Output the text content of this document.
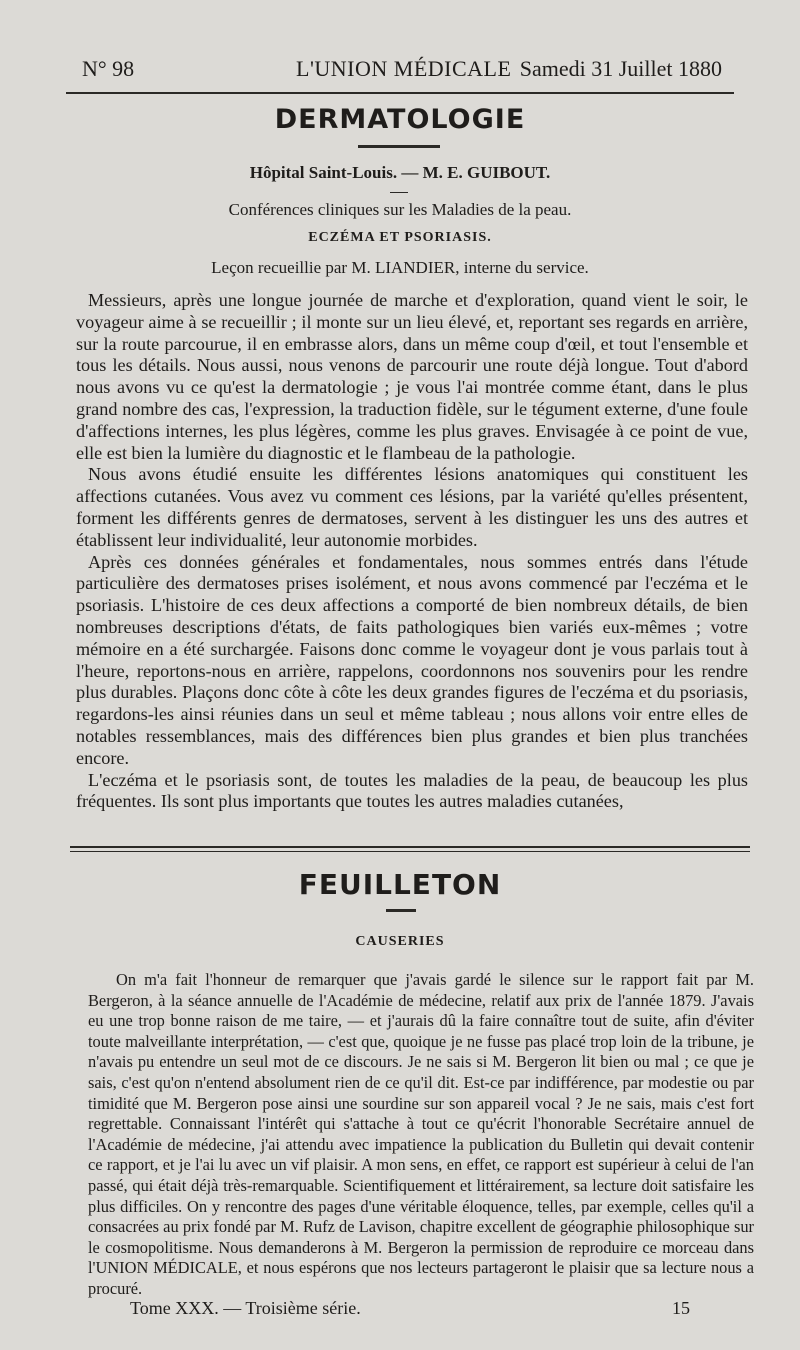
N° 98	L'UNION MÉDICALE Samedi 31 Juillet 1880
DERMATOLOGIE
Hôpital Saint-Louis. — M. E. GUIBOUT.
Conférences cliniques sur les Maladies de la peau.
ECZÉMA ET PSORIASIS.
Leçon recueillie par M. LIANDIER, interne du service.

Messieurs, après une longue journée de marche et d'exploration, quand vient le soir, le voyageur aime à se recueillir ; il monte sur un lieu élevé, et, reportant ses regards en arrière, sur la route parcourue, il en embrasse alors, dans un même coup d'œil, et tout l'ensemble et tous les détails. Nous aussi, nous venons de parcourir une route déjà longue. Tout d'abord nous avons vu ce qu'est la dermatologie ; je vous l'ai montrée comme étant, dans le plus grand nombre des cas, l'expression, la traduction fidèle, sur le tégument externe, d'une foule d'affections internes, les plus légères, comme les plus graves. Envisagée à ce point de vue, elle est bien la lumière du diagnostic et le flambeau de la pathologie.

Nous avons étudié ensuite les différentes lésions anatomiques qui constituent les affections cutanées. Vous avez vu comment ces lésions, par la variété qu'elles présentent, forment les différents genres de dermatoses, servent à les distinguer les uns des autres et établissent leur individualité, leur autonomie morbides.

Après ces données générales et fondamentales, nous sommes entrés dans l'étude particulière des dermatoses prises isolément, et nous avons commencé par l'eczéma et le psoriasis. L'histoire de ces deux affections a comporté de bien nombreux détails, de bien nombreuses descriptions d'états, de faits pathologiques bien variés eux-mêmes ; votre mémoire en a été surchargée. Faisons donc comme le voyageur dont je vous parlais tout à l'heure, reportons-nous en arrière, rappelons, coordonnons nos souvenirs pour les rendre plus durables. Plaçons donc côte à côte les deux grandes figures de l'eczéma et du psoriasis, regardons-les ainsi réunies dans un seul et même tableau ; nous allons voir entre elles de notables ressemblances, mais des différences bien plus grandes et bien plus tranchées encore.

L'eczéma et le psoriasis sont, de toutes les maladies de la peau, de beaucoup les plus fréquentes. Ils sont plus importants que toutes les autres maladies cutanées,

FEUILLETON
CAUSERIES

On m'a fait l'honneur de remarquer que j'avais gardé le silence sur le rapport fait par M. Bergeron, à la séance annuelle de l'Académie de médecine, relatif aux prix de l'année 1879. J'avais eu une trop bonne raison de me taire, — et j'aurais dû la faire connaître tout de suite, afin d'éviter toute malveillante interprétation, — c'est que, quoique je ne fusse pas placé trop loin de la tribune, je n'avais pu entendre un seul mot de ce discours. Je ne sais si M. Bergeron lit bien ou mal ; ce que je sais, c'est qu'on n'entend absolument rien de ce qu'il dit. Est-ce par indifférence, par modestie ou par timidité que M. Bergeron pose ainsi une sourdine sur son appareil vocal ? Je ne sais, mais c'est fort regrettable. Connaissant l'intérêt qui s'attache à tout ce qu'écrit l'honorable Secrétaire annuel de l'Académie de médecine, j'ai attendu avec impatience la publication du Bulletin qui devait contenir ce rapport, et je l'ai lu avec un vif plaisir. A mon sens, en effet, ce rapport est supérieur à celui de l'an passé, qui était déjà très-remarquable. Scientifiquement et littérairement, sa lecture doit satisfaire les plus difficiles. On y rencontre des pages d'une véritable éloquence, telles, par exemple, celles qu'il a consacrées au prix fondé par M. Rufz de Lavison, chapitre excellent de géographie philosophique sur le cosmopolitisme. Nous demanderons à M. Bergeron la permission de reproduire ce morceau dans l'UNION MÉDICALE, et nous espérons que nos lecteurs partageront le plaisir que sa lecture nous a procuré.

Tome XXX. — Troisième série.	15
